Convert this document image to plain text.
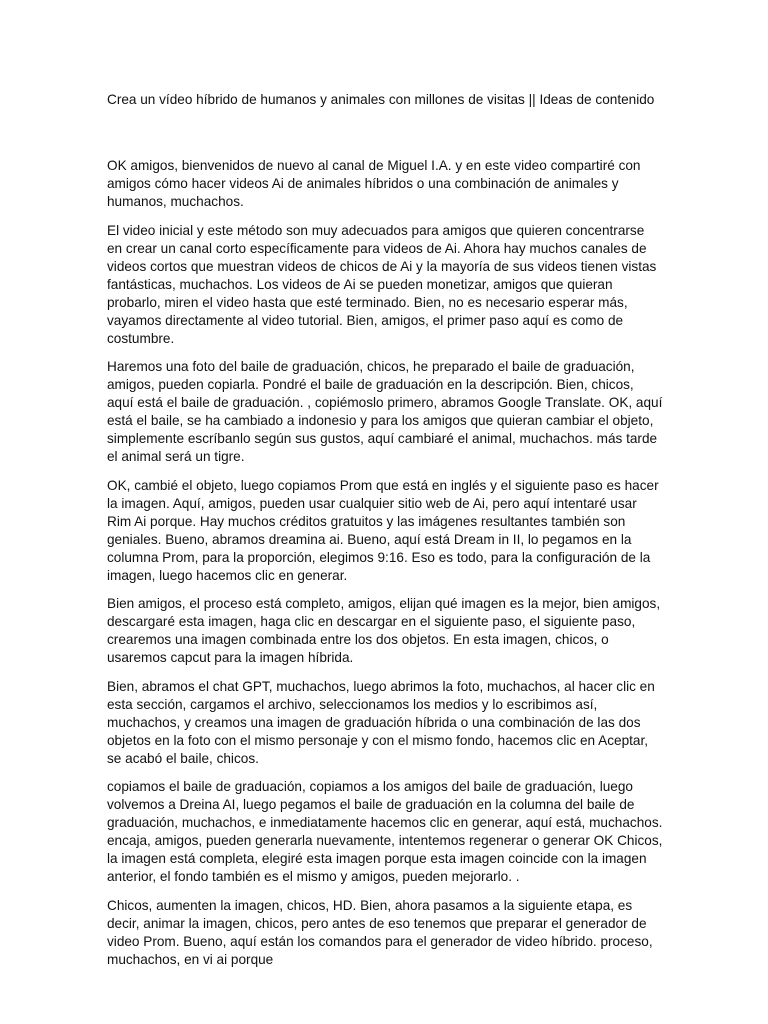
Crea un vídeo híbrido de humanos y animales con millones de visitas || Ideas de contenido

OK amigos, bienvenidos de nuevo al canal de Miguel I.A. y en este video compartiré con amigos cómo hacer videos Ai de animales híbridos o una combinación de animales y humanos, muchachos.

El video inicial y este método son muy adecuados para amigos que quieren concentrarse en crear un canal corto específicamente para videos de Ai. Ahora hay muchos canales de videos cortos que muestran videos de chicos de Ai y la mayoría de sus videos tienen vistas fantásticas, muchachos. Los videos de Ai se pueden monetizar, amigos que quieran probarlo, miren el video hasta que esté terminado. Bien, no es necesario esperar más, vayamos directamente al video tutorial. Bien, amigos, el primer paso aquí es como de costumbre.

Haremos una foto del baile de graduación, chicos, he preparado el baile de graduación, amigos, pueden copiarla. Pondré el baile de graduación en la descripción. Bien, chicos, aquí está el baile de graduación. , copiémoslo primero, abramos Google Translate. OK, aquí está el baile, se ha cambiado a indonesio y para los amigos que quieran cambiar el objeto, simplemente escríbanlo según sus gustos, aquí cambiaré el animal, muchachos. más tarde el animal será un tigre.

OK, cambié el objeto, luego copiamos Prom que está en inglés y el siguiente paso es hacer la imagen. Aquí, amigos, pueden usar cualquier sitio web de Ai, pero aquí intentaré usar Rim Ai porque. Hay muchos créditos gratuitos y las imágenes resultantes también son geniales. Bueno, abramos dreamina ai. Bueno, aquí está Dream in II, lo pegamos en la columna Prom, para la proporción, elegimos 9:16. Eso es todo, para la configuración de la imagen, luego hacemos clic en generar.

Bien amigos, el proceso está completo, amigos, elijan qué imagen es la mejor, bien amigos, descargaré esta imagen, haga clic en descargar en el siguiente paso, el siguiente paso, crearemos una imagen combinada entre los dos objetos. En esta imagen, chicos, o usaremos capcut para la imagen híbrida.

Bien, abramos el chat GPT, muchachos, luego abrimos la foto, muchachos, al hacer clic en esta sección, cargamos el archivo, seleccionamos los medios y lo escribimos así, muchachos, y creamos una imagen de graduación híbrida o una combinación de las dos objetos en la foto con el mismo personaje y con el mismo fondo, hacemos clic en Aceptar, se acabó el baile, chicos.

copiamos el baile de graduación, copiamos a los amigos del baile de graduación, luego volvemos a Dreina AI, luego pegamos el baile de graduación en la columna del baile de graduación, muchachos, e inmediatamente hacemos clic en generar, aquí está, muchachos. encaja, amigos, pueden generarla nuevamente, intentemos regenerar o generar OK Chicos, la imagen está completa, elegiré esta imagen porque esta imagen coincide con la imagen anterior, el fondo también es el mismo y amigos, pueden mejorarlo. .

Chicos, aumenten la imagen, chicos, HD. Bien, ahora pasamos a la siguiente etapa, es decir, animar la imagen, chicos, pero antes de eso tenemos que preparar el generador de video Prom. Bueno, aquí están los comandos para el generador de video híbrido. proceso, muchachos, en vi ai porque
